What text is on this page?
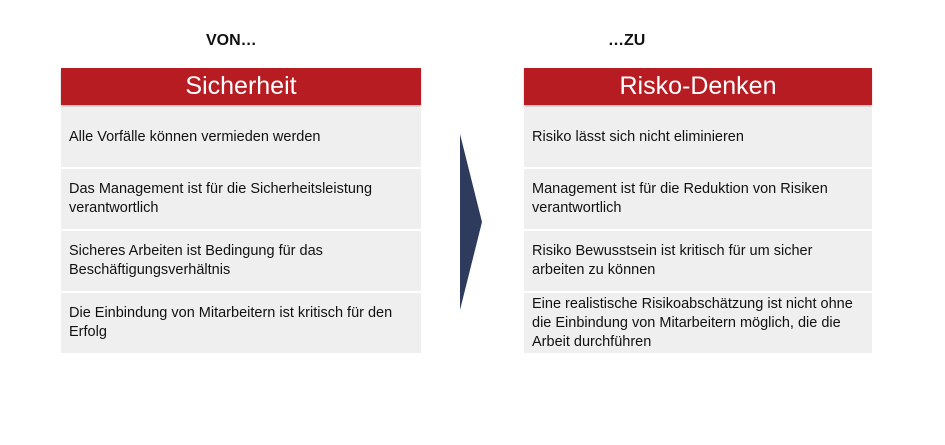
VON…	…ZU
Sicherheit
Alle Vorfälle können vermieden werden
Das Management ist für die Sicherheitsleistung verantwortlich
Sicheres Arbeiten ist Bedingung für das Beschäftigungsverhältnis
Die Einbindung von Mitarbeitern ist kritisch für den Erfolg
Risko-Denken
Risiko lässt sich nicht eliminieren
Management ist für die Reduktion von Risiken verantwortlich
Risiko Bewusstsein ist kritisch für um sicher arbeiten zu können
Eine realistische Risikoabschätzung ist nicht ohne die Einbindung von Mitarbeitern möglich, die die Arbeit durchführen
